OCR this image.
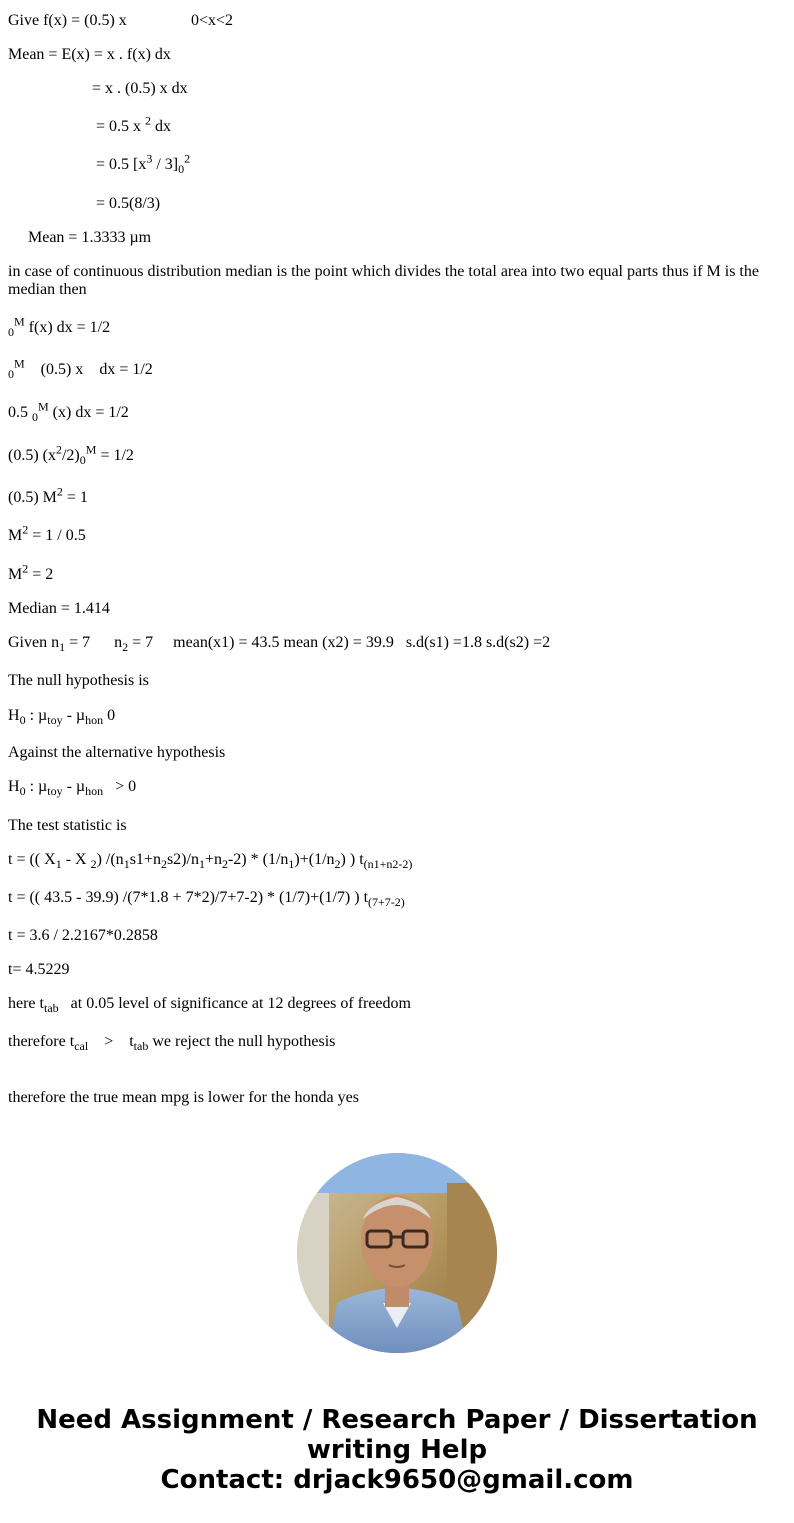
Give f(x) = (0.5) x	0<x<2
Mean = E(x) = x . f(x) dx
= x . (0.5) x dx
= 0.5 x $^2$ dx
= 0.5 $[x^3 / 3]_0^2$
= 0.5(8/3)
Mean = 1.3333 µm
in case of continuous distribution median is the point which divides the total area into two equal parts thus if M is the median then
$_0^M$ f(x) dx = 1/2
$_0^M$    (0.5) x    dx = 1/2
0.5 $_0^M$ (x) dx = 1/2
(0.5) $(x^2/2)_0^M = 1/2$
(0.5) $M^2 = 1$
$M^2 = 1 / 0.5$
$M^2 = 2$
Median = 1.414
Given $n_1 = 7$      $n_2 = 7$     mean(x1) = 43.5 mean (x2) = 39.9   s.d(s1) =1.8 s.d(s2) =2
The null hypothesis is
$H_0$ : µ$_{toy}$ - µ$_{hon}$ 0
Against the alternative hypothesis
$H_0$ : µ$_{toy}$ - µ$_{hon}$   > 0
The test statistic is
t = (( $X_1$ - X $_2$) $/(n_1s1+n_2s2)/n_1+n_2-2) * (1/n_1)+(1/n_2)$ ) $t_{(n1+n2-2)}$
t = (( 43.5 - 39.9) /(7*1.8 + 7*2)/7+7-2) * (1/7)+(1/7) ) $t_{(7+7-2)}$
t = 3.6 / 2.2167*0.2858
t= 4.5229
here $t_{tab}$   at 0.05 level of significance at 12 degrees of freedom
therefore $t_{cal}$    >    $t_{tab}$ we reject the null hypothesis
therefore the true mean mpg is lower for the honda yes
Need Assignment / Research Paper / Dissertation
writing Help
Contact: drjack9650@gmail.com
